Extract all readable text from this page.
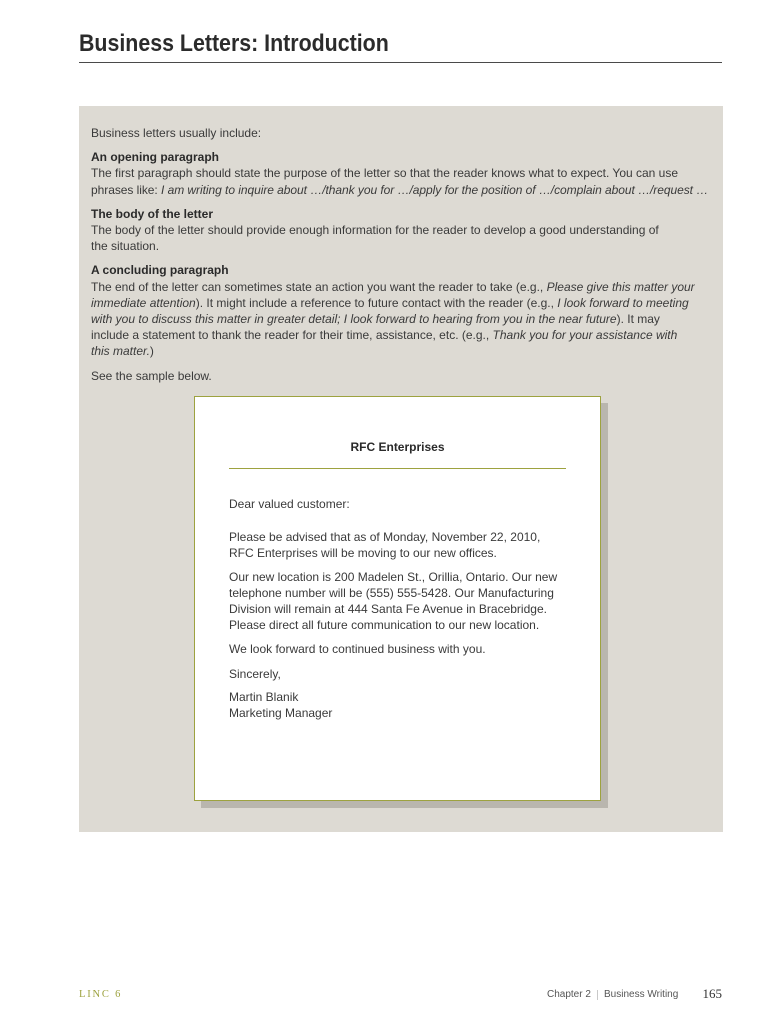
Business Letters: Introduction

Business letters usually include:

An opening paragraph
The first paragraph should state the purpose of the letter so that the reader knows what to expect. You can use
phrases like: I am writing to inquire about …/thank you for …/apply for the position of …/complain about …/request …
The body of the letter
The body of the letter should provide enough information for the reader to develop a good understanding of
the situation.
A concluding paragraph
The end of the letter can sometimes state an action you want the reader to take (e.g., Please give this matter your
immediate attention). It might include a reference to future contact with the reader (e.g., I look forward to meeting
with you to discuss this matter in greater detail; I look forward to hearing from you in the near future). It may
include a statement to thank the reader for their time, assistance, etc. (e.g., Thank you for your assistance with
this matter.)

See the sample below.

RFC Enterprises
Dear valued customer:
Please be advised that as of Monday, November 22, 2010,
RFC Enterprises will be moving to our new offices.
Our new location is 200 Madelen St., Orillia, Ontario. Our new
telephone number will be (555) 555-5428. Our Manufacturing
Division will remain at 444 Santa Fe Avenue in Bracebridge.
Please direct all future communication to our new location.
We look forward to continued business with you.
Sincerely,
Martin Blanik
Marketing Manager
LINC 6	Chapter 2 Business Writing 165
